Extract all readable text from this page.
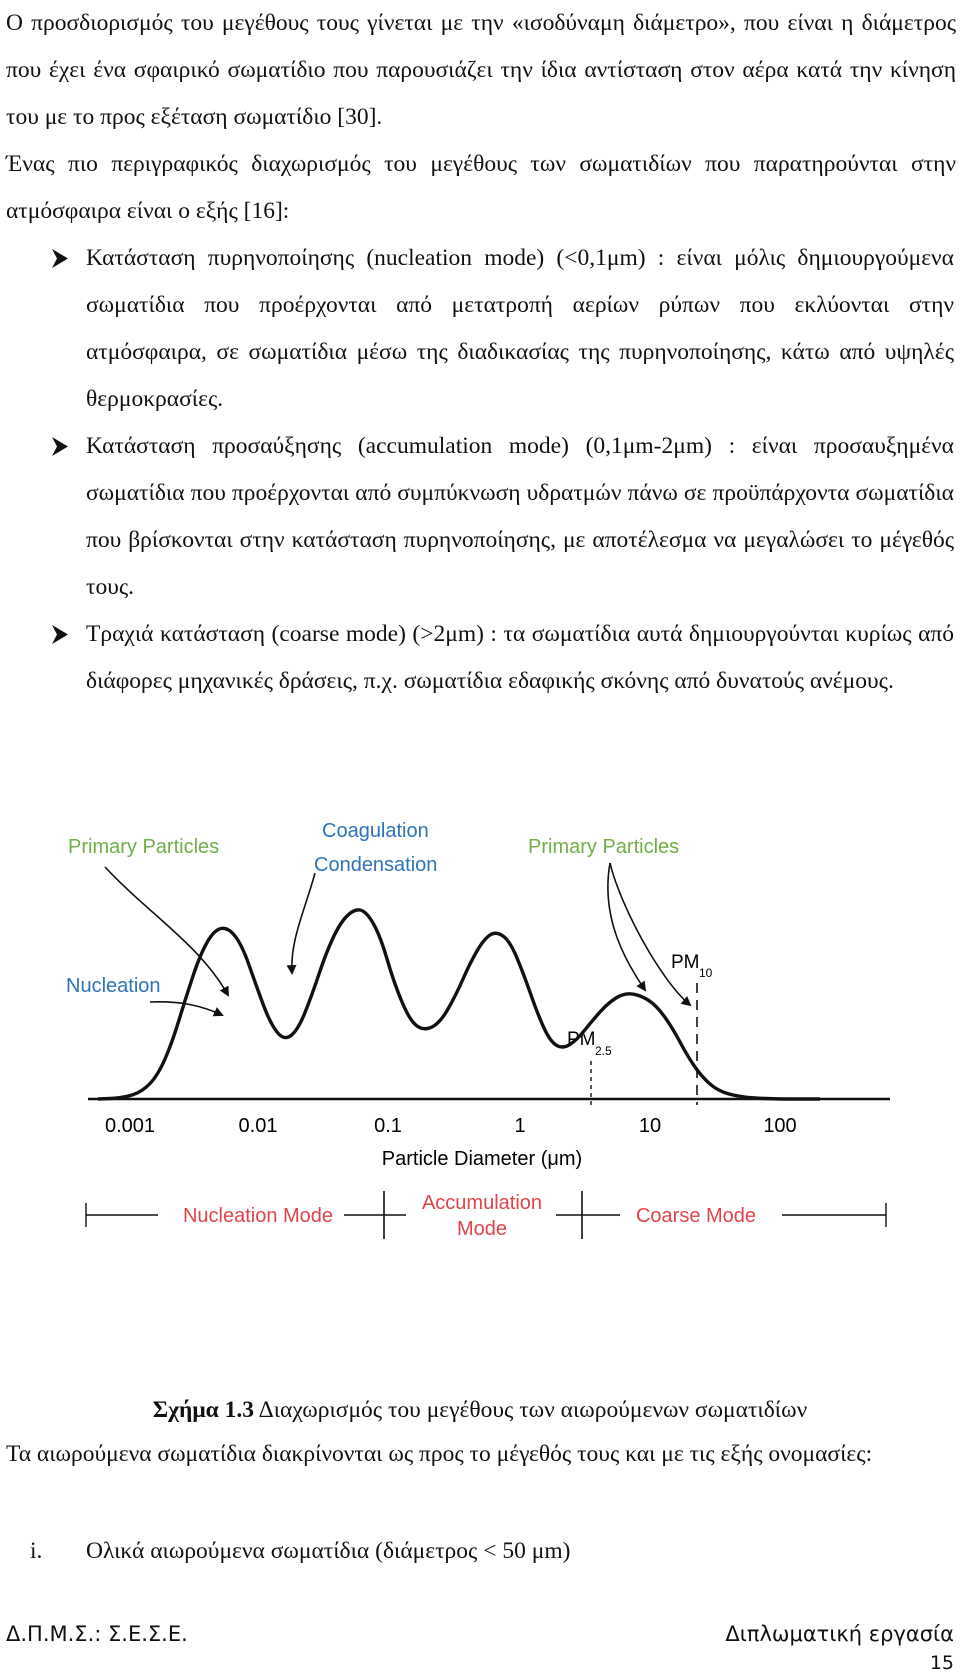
Ο προσδιορισμός του μεγέθους τους γίνεται με την «ισοδύναμη διάμετρο», που είναι η διάμετρος που έχει ένα σφαιρικό σωματίδιο που παρουσιάζει την ίδια αντίσταση στον αέρα κατά την κίνηση του με το προς εξέταση σωματίδιο [30].

Ένας πιο περιγραφικός διαχωρισμός του μεγέθους των σωματιδίων που παρατηρούνται στην ατμόσφαιρα είναι ο εξής [16]:

Κατάσταση πυρηνοποίησης (nucleation mode) (<0,1μm) : είναι μόλις δημιουργούμενα σωματίδια που προέρχονται από μετατροπή αερίων ρύπων που εκλύονται στην ατμόσφαιρα, σε σωματίδια μέσω της διαδικασίας της πυρηνοποίησης, κάτω από υψηλές θερμοκρασίες.
Κατάσταση προσαύξησης (accumulation mode) (0,1μm-2μm) : είναι προσαυξημένα σωματίδια που προέρχονται από συμπύκνωση υδρατμών πάνω σε προϋπάρχοντα σωματίδια που βρίσκονται στην κατάσταση πυρηνοποίησης, με αποτέλεσμα να μεγαλώσει το μέγεθός τους.
Τραχιά κατάσταση (coarse mode) (>2μm) : τα σωματίδια αυτά δημιουργούνται κυρίως από διάφορες μηχανικές δράσεις, π.χ. σωματίδια εδαφικής σκόνης από δυνατούς ανέμους.
Primary Particles
Coagulation
Condensation
Primary Particles
Nucleation
PM 10
PM
2.5
0.001	0.01	0.1	1	10	100
Particle Diameter (μm)
Nucleation Mode
Accumulation
Mode
Coarse Mode
Σχήμα 1.3 Διαχωρισμός του μεγέθους των αιωρούμενων σωματιδίων

Τα αιωρούμενα σωματίδια διακρίνονται ως προς το μέγεθός τους και με τις εξής ονομασίες:

i. Ολικά αιωρούμενα σωματίδια (διάμετρος < 50 μm)
Δ.Π.Μ.Σ.: Σ.Ε.Σ.Ε.	Διπλωματική εργασία
15
